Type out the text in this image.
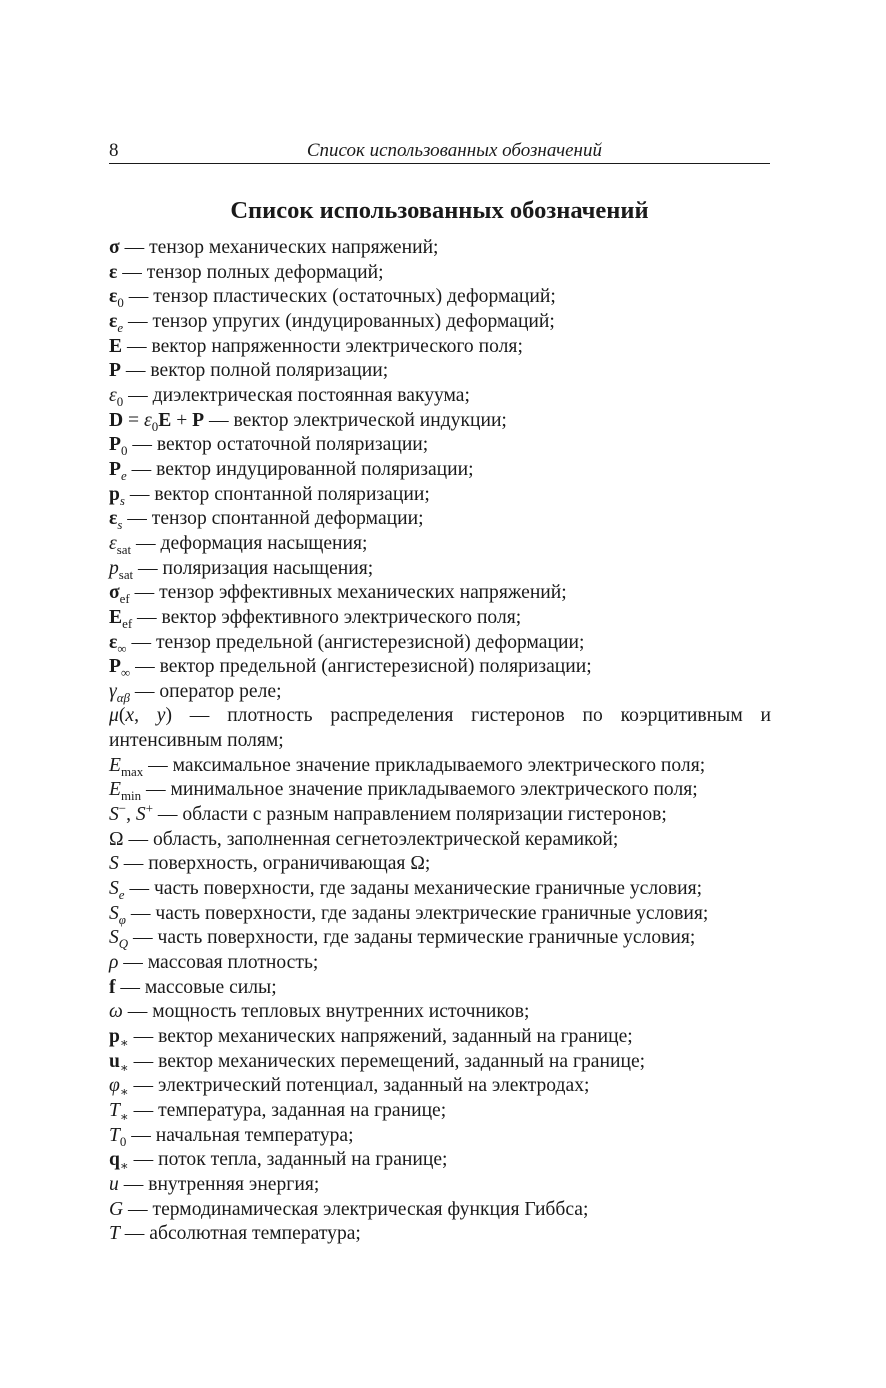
8	Список использованных обозначений
Список использованных обозначений
σ — тензор механических напряжений;
ε — тензор полных деформаций;
$\varepsilon_0$ — тензор пластических (остаточных) деформаций;
$\varepsilon_e$ — тензор упругих (индуцированных) деформаций;
E — вектор напряженности электрического поля;
P — вектор полной поляризации;
$\varepsilon_0$ — диэлектрическая постоянная вакуума;
$D = \varepsilon_0E + P$ — вектор электрической индукции;
$P_0$ — вектор остаточной поляризации;
$P_e$ — вектор индуцированной поляризации;
$p_s$ — вектор спонтанной поляризации;
$\varepsilon_s$ — тензор спонтанной деформации;
$\varepsilon_{sat}$ — деформация насыщения;
$p_{sat}$ — поляризация насыщения;
$\sigma_{ef}$ — тензор эффективных механических напряжений;
$E_{ef}$ — вектор эффективного электрического поля;
$\varepsilon_\infty$ — тензор предельной (ангистерезисной) деформации;
$P_\infty$ — вектор предельной (ангистерезисной) поляризации;
$\gamma_{\alpha\beta}$ — оператор реле;
μ(x, y) — плотность распределения гистеронов по коэрцитивным и интенсивным полям;
$E_{max}$ — максимальное значение прикладываемого электрического поля;
$E_{min}$ — минимальное значение прикладываемого электрического поля;
S−, S+ — области с разным направлением поляризации гистеронов;
Ω — область, заполненная сегнетоэлектрической керамикой;
S — поверхность, ограничивающая Ω;
$S_e$ — часть поверхности, где заданы механические граничные условия;
$S_\varphi$ — часть поверхности, где заданы электрические граничные условия;
$S_Q$ — часть поверхности, где заданы термические граничные условия;
ρ — массовая плотность;
f — массовые силы;
ω — мощность тепловых внутренних источников;
$p_∗$ — вектор механических напряжений, заданный на границе;
$u_∗$ — вектор механических перемещений, заданный на границе;
$\varphi_∗$ — электрический потенциал, заданный на электродах;
$T_∗$ — температура, заданная на границе;
$T_0$ — начальная температура;
$q_∗$ — поток тепла, заданный на границе;
u — внутренняя энергия;
G — термодинамическая электрическая функция Гиббса;
T — абсолютная температура;
